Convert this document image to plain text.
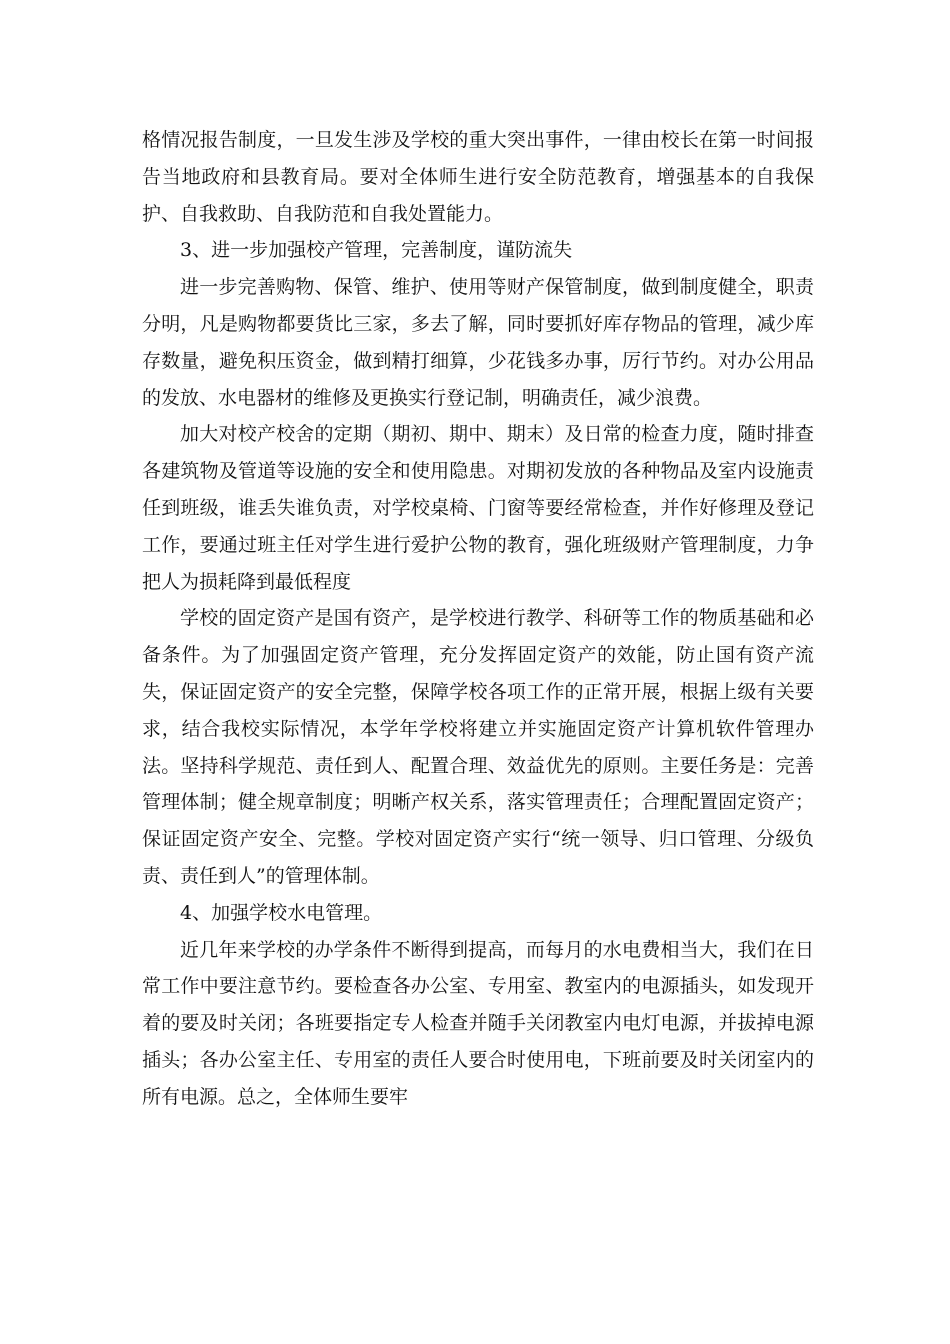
格情况报告制度，一旦发生涉及学校的重大突出事件，一律由校长在第一时间报告当地政府和县教育局。要对全体师生进行安全防范教育，增强基本的自我保护、自我救助、自我防范和自我处置能力。

3、进一步加强校产管理，完善制度，谨防流失

进一步完善购物、保管、维护、使用等财产保管制度，做到制度健全，职责分明，凡是购物都要货比三家，多去了解，同时要抓好库存物品的管理，减少库存数量，避免积压资金，做到精打细算，少花钱多办事，厉行节约。对办公用品的发放、水电器材的维修及更换实行登记制，明确责任，减少浪费。

加大对校产校舍的定期（期初、期中、期末）及日常的检查力度，随时排查各建筑物及管道等设施的安全和使用隐患。对期初发放的各种物品及室内设施责任到班级，谁丢失谁负责，对学校桌椅、门窗等要经常检查，并作好修理及登记工作，要通过班主任对学生进行爱护公物的教育，强化班级财产管理制度，力争把人为损耗降到最低程度

学校的固定资产是国有资产，是学校进行教学、科研等工作的物质基础和必备条件。为了加强固定资产管理，充分发挥固定资产的效能，防止国有资产流失，保证固定资产的安全完整，保障学校各项工作的正常开展，根据上级有关要求，结合我校实际情况，本学年学校将建立并实施固定资产计算机软件管理办法。坚持科学规范、责任到人、配置合理、效益优先的原则。主要任务是：完善管理体制；健全规章制度；明晰产权关系，落实管理责任；合理配置固定资产；保证固定资产安全、完整。学校对固定资产实行“统一领导、归口管理、分级负责、责任到人”的管理体制。

4、加强学校水电管理。

近几年来学校的办学条件不断得到提高，而每月的水电费相当大，我们在日常工作中要注意节约。要检查各办公室、专用室、教室内的电源插头，如发现开着的要及时关闭；各班要指定专人检查并随手关闭教室内电灯电源，并拔掉电源插头；各办公室主任、专用室的责任人要合时使用电，下班前要及时关闭室内的所有电源。总之，全体师生要牢
